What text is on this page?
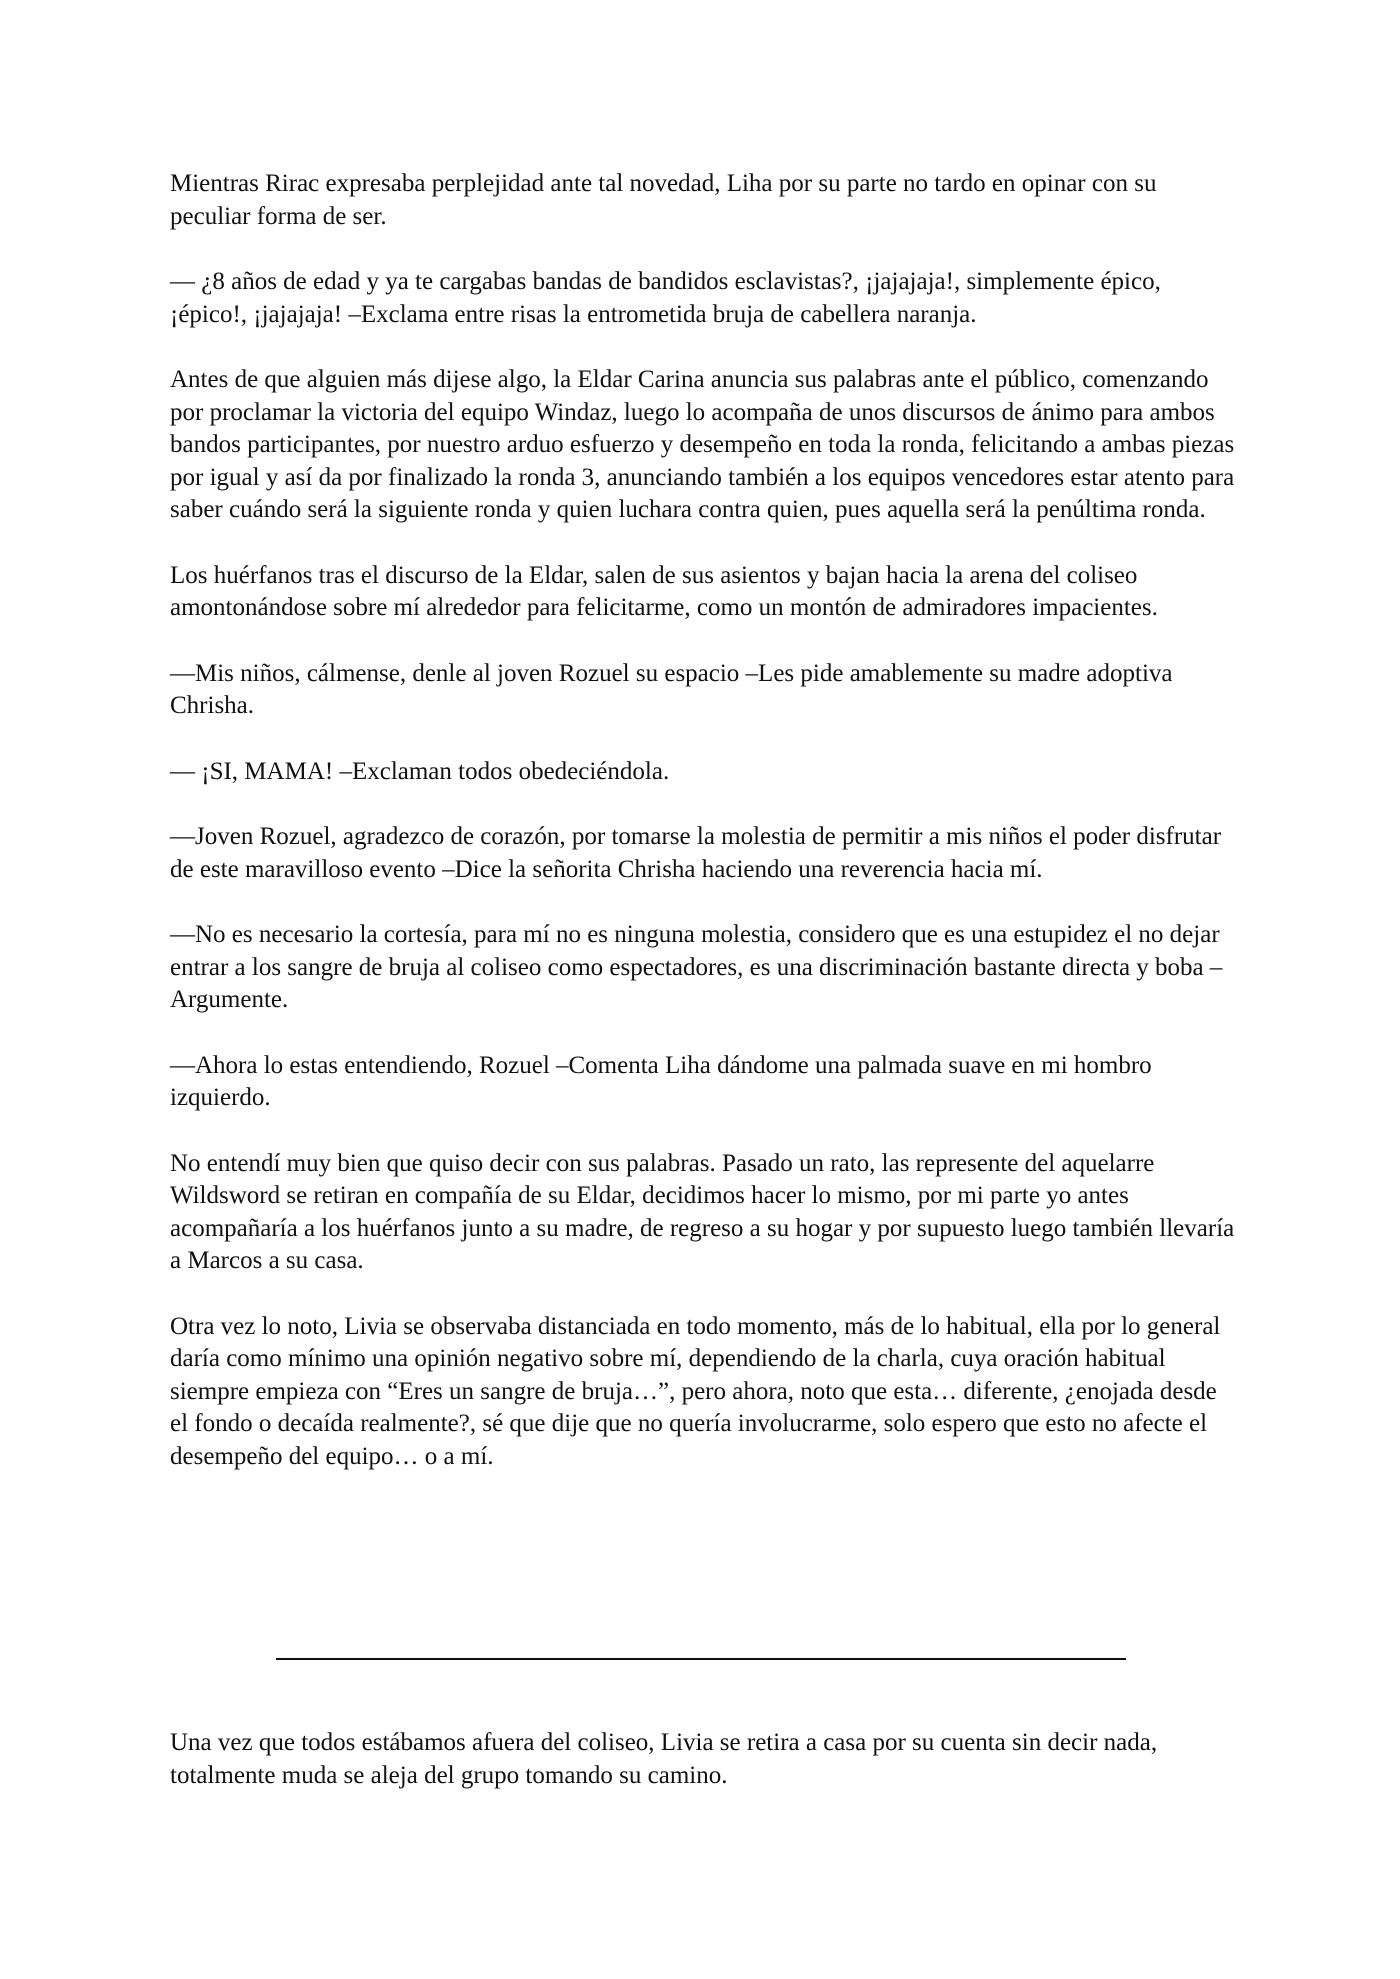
Mientras Rirac expresaba perplejidad ante tal novedad, Liha por su parte no tardo en opinar con su peculiar forma de ser.

— ¿8 años de edad y ya te cargabas bandas de bandidos esclavistas?, ¡jajajaja!, simplemente épico, ¡épico!, ¡jajajaja! –Exclama entre risas la entrometida bruja de cabellera naranja.

Antes de que alguien más dijese algo, la Eldar Carina anuncia sus palabras ante el público, comenzando por proclamar la victoria del equipo Windaz, luego lo acompaña de unos discursos de ánimo para ambos bandos participantes, por nuestro arduo esfuerzo y desempeño en toda la ronda, felicitando a ambas piezas por igual y así da por finalizado la ronda 3, anunciando también a los equipos vencedores estar atento para saber cuándo será la siguiente ronda y quien luchara contra quien, pues aquella será la penúltima ronda.

Los huérfanos tras el discurso de la Eldar, salen de sus asientos y bajan hacia la arena del coliseo amontonándose sobre mí alrededor para felicitarme, como un montón de admiradores impacientes.

—Mis niños, cálmense, denle al joven Rozuel su espacio –Les pide amablemente su madre adoptiva Chrisha.

— ¡SI, MAMA! –Exclaman todos obedeciéndola.

—Joven Rozuel, agradezco de corazón, por tomarse la molestia de permitir a mis niños el poder disfrutar de este maravilloso evento –Dice la señorita Chrisha haciendo una reverencia hacia mí.

—No es necesario la cortesía, para mí no es ninguna molestia, considero que es una estupidez el no dejar entrar a los sangre de bruja al coliseo como espectadores, es una discriminación bastante directa y boba –Argumente.

—Ahora lo estas entendiendo, Rozuel –Comenta Liha dándome una palmada suave en mi hombro izquierdo.

No entendí muy bien que quiso decir con sus palabras. Pasado un rato, las represente del aquelarre Wildsword se retiran en compañía de su Eldar, decidimos hacer lo mismo, por mi parte yo antes acompañaría a los huérfanos junto a su madre, de regreso a su hogar y por supuesto luego también llevaría a Marcos a su casa.

Otra vez lo noto, Livia se observaba distanciada en todo momento, más de lo habitual, ella por lo general daría como mínimo una opinión negativo sobre mí, dependiendo de la charla, cuya oración habitual siempre empieza con “Eres un sangre de bruja…”, pero ahora, noto que esta… diferente, ¿enojada desde el fondo o decaída realmente?, sé que dije que no quería involucrarme, solo espero que esto no afecte el desempeño del equipo… o a mí.

Una vez que todos estábamos afuera del coliseo, Livia se retira a casa por su cuenta sin decir nada, totalmente muda se aleja del grupo tomando su camino.
